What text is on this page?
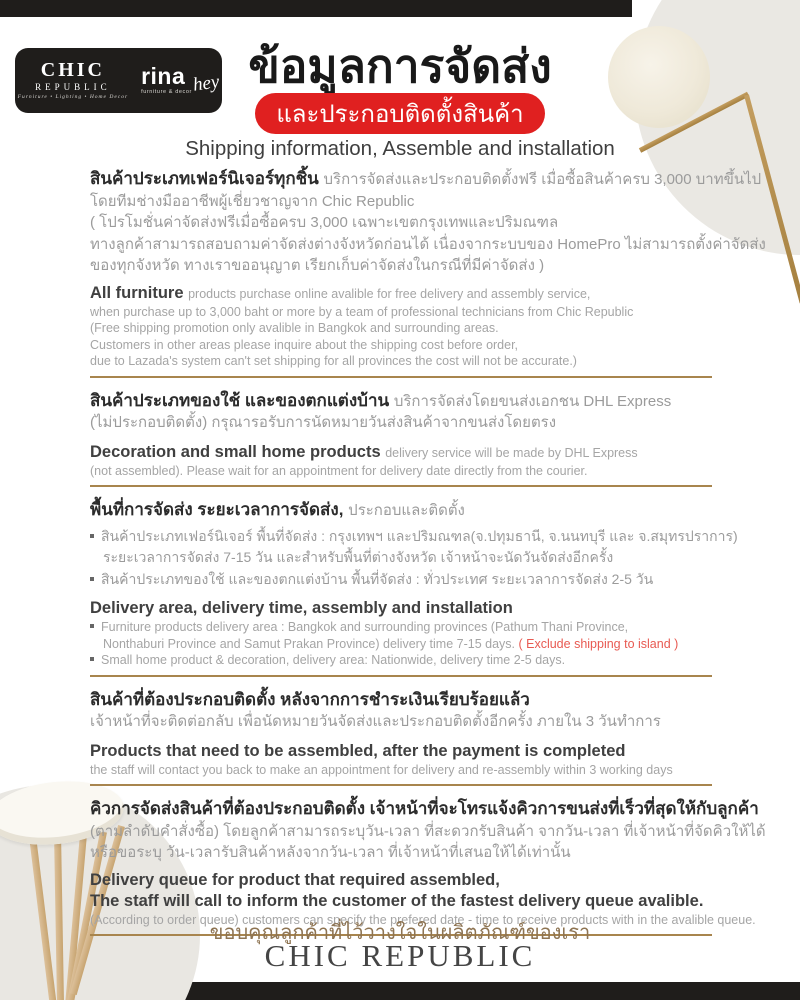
CHIC
REPUBLIC
Furniture • Lighting • Home Decor
rina
furniture & decor hey ข้อมูลการจัดส่ง
และประกอบติดตั้งสินค้า
Shipping information, Assemble and installation
สินค้าประเภทเฟอร์นิเจอร์ทุกชิ้น บริการจัดส่งและประกอบติดตั้งฟรี เมื่อซื้อสินค้าครบ 3,000 บาทขึ้นไป
โดยทีมช่างมืออาชีพผู้เชี่ยวชาญจาก Chic Republic
( โปรโมชั่นค่าจัดส่งฟรีเมื่อซื้อครบ 3,000 เฉพาะเขตกรุงเทพและปริมณฑล
ทางลูกค้าสามารถสอบถามค่าจัดส่งต่างจังหวัดก่อนได้ เนื่องจากระบบของ HomePro ไม่สามารถตั้งค่าจัดส่ง
ของทุกจังหวัด ทางเราขออนุญาต เรียกเก็บค่าจัดส่งในกรณีที่มีค่าจัดส่ง )
All furniture products purchase online avalible for free delivery and assembly service,
when purchase up to 3,000 baht or more by a team of professional technicians from Chic Republic
(Free shipping promotion only avalible in Bangkok and surrounding areas.
Customers in other areas please inquire about the shipping cost before order,
due to Lazada's system can't set shipping for all provinces the cost will not be accurate.)
สินค้าประเภทของใช้ และของตกแต่งบ้าน บริการจัดส่งโดยขนส่งเอกชน DHL Express
(ไม่ประกอบติดตั้ง) กรุณารอรับการนัดหมายวันส่งสินค้าจากขนส่งโดยตรง
Decoration and small home products delivery service will be made by DHL Express
(not assembled). Please wait for an appointment for delivery date directly from the courier.
พื้นที่การจัดส่ง ระยะเวลาการจัดส่ง, ประกอบและติดตั้ง
สินค้าประเภทเฟอร์นิเจอร์ พื้นที่จัดส่ง : กรุงเทพฯ และปริมณฑล(จ.ปทุมธานี, จ.นนทบุรี และ จ.สมุทรปราการ)
ระยะเวลาการจัดส่ง 7-15 วัน และสำหรับพื้นที่ต่างจังหวัด เจ้าหน้าจะนัดวันจัดส่งอีกครั้ง
สินค้าประเภทของใช้ และของตกแต่งบ้าน พื้นที่จัดส่ง : ทั่วประเทศ ระยะเวลาการจัดส่ง 2-5 วัน
Delivery area, delivery time, assembly and installation
Furniture products delivery area : Bangkok and surrounding provinces (Pathum Thani Province,
Nonthaburi Province and Samut Prakan Province) delivery time 7-15 days. ( Exclude shipping to island )
Small home product & decoration, delivery area: Nationwide, delivery time 2-5 days.
สินค้าที่ต้องประกอบติดตั้ง หลังจากการชำระเงินเรียบร้อยแล้ว
เจ้าหน้าที่จะติดต่อกลับ เพื่อนัดหมายวันจัดส่งและประกอบติดตั้งอีกครั้ง ภายใน 3 วันทำการ
Products that need to be assembled, after the payment is completed
the staff will contact you back to make an appointment for delivery and re-assembly within 3 working days
คิวการจัดส่งสินค้าที่ต้องประกอบติดตั้ง เจ้าหน้าที่จะโทรแจ้งคิวการขนส่งที่เร็วที่สุดให้กับลูกค้า
(ตามลำดับคำสั่งซื้อ) โดยลูกค้าสามารถระบุวัน-เวลา ที่สะดวกรับสินค้า จากวัน-เวลา ที่เจ้าหน้าที่จัดคิวให้ได้
หรือขอระบุ วัน-เวลารับสินค้าหลังจากวัน-เวลา ที่เจ้าหน้าที่เสนอให้ได้เท่านั้น
Delivery queue for product that required assembled,
The staff will call to inform the customer of the fastest delivery queue avalible.
(According to order queue) customers can specify the prefered date - time to receive products with in the avalible queue.
ขอบคุณลูกค้าที่ไว้วางใจในผลิตภัณฑ์ของเรา
CHIC REPUBLIC
